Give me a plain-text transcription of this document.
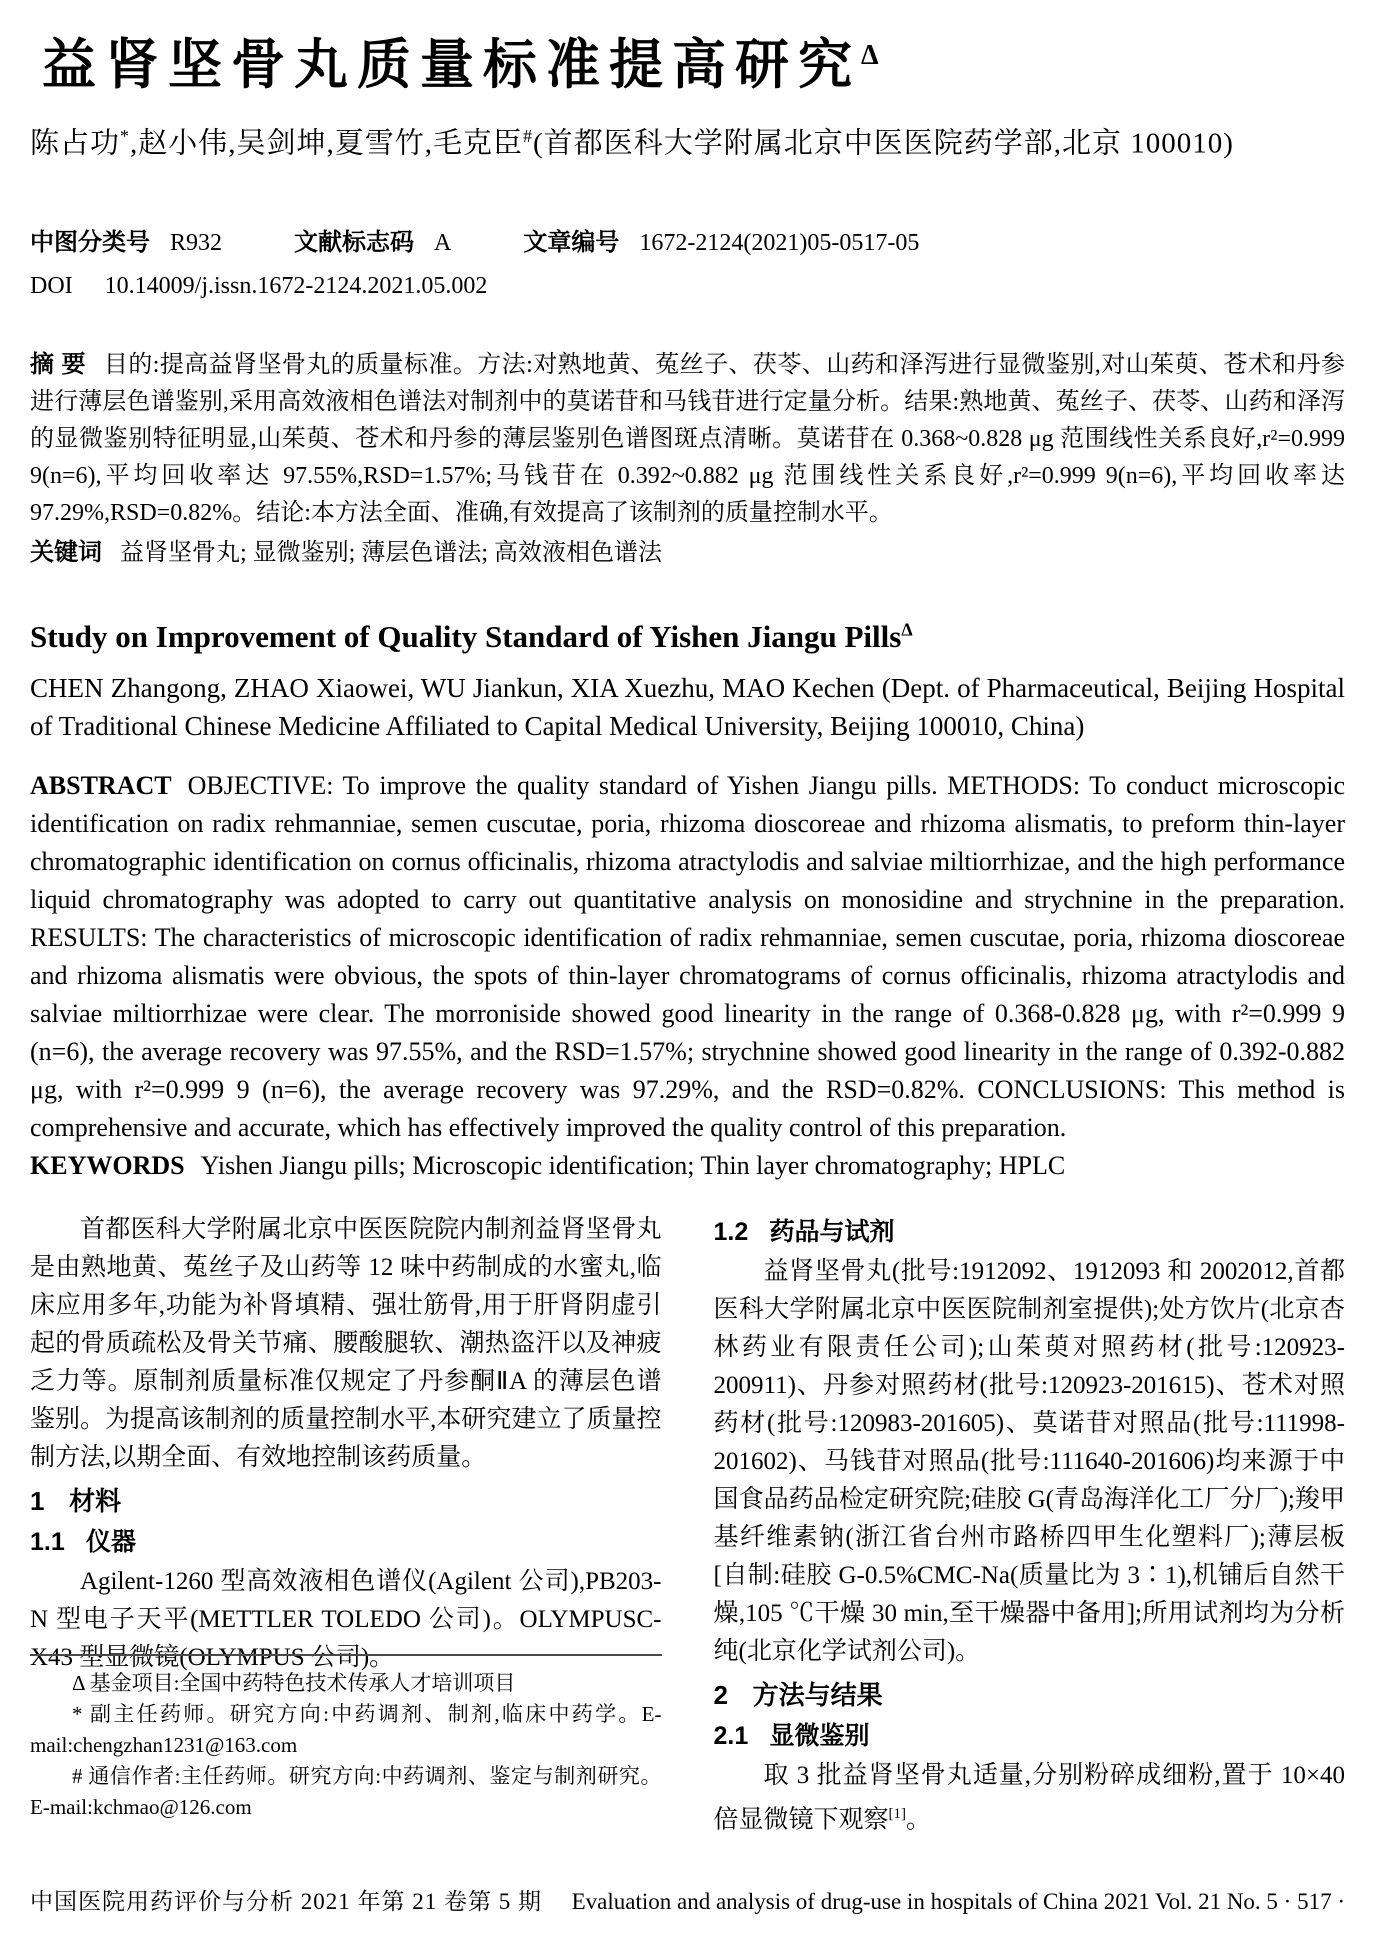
益肾坚骨丸质量标准提高研究$^\Delta$

陈占功*,赵小伟,吴剑坤,夏雪竹,毛克臣#(首都医科大学附属北京中医医院药学部,北京 100010)

中图分类号 R932	文献标志码 A	文章编号 1672-2124(2021)05-0517-05
DOI 10.14009/j.issn.1672-2124.2021.05.002

摘 要 目的:提高益肾坚骨丸的质量标准。方法:对熟地黄、菟丝子、茯苓、山药和泽泻进行显微鉴别,对山茱萸、苍术和丹参进行薄层色谱鉴别,采用高效液相色谱法对制剂中的莫诺苷和马钱苷进行定量分析。结果:熟地黄、菟丝子、茯苓、山药和泽泻的显微鉴别特征明显,山茱萸、苍术和丹参的薄层鉴别色谱图斑点清晰。莫诺苷在 0.368~0.828 μg 范围线性关系良好,r²=0.999 9(n=6),平均回收率达 97.55%,RSD=1.57%;马钱苷在 0.392~0.882 μg 范围线性关系良好,r²=0.999 9(n=6),平均回收率达 97.29%,RSD=0.82%。结论:本方法全面、准确,有效提高了该制剂的质量控制水平。

关键词 益肾坚骨丸; 显微鉴别; 薄层色谱法; 高效液相色谱法

Study on Improvement of Quality Standard of Yishen Jiangu Pills$^\Delta$

CHEN Zhangong, ZHAO Xiaowei, WU Jiankun, XIA Xuezhu, MAO Kechen (Dept. of Pharmaceutical, Beijing Hospital of Traditional Chinese Medicine Affiliated to Capital Medical University, Beijing 100010, China)

ABSTRACT OBJECTIVE: To improve the quality standard of Yishen Jiangu pills. METHODS: To conduct microscopic identification on radix rehmanniae, semen cuscutae, poria, rhizoma dioscoreae and rhizoma alismatis, to preform thin-layer chromatographic identification on cornus officinalis, rhizoma atractylodis and salviae miltiorrhizae, and the high performance liquid chromatography was adopted to carry out quantitative analysis on monosidine and strychnine in the preparation. RESULTS: The characteristics of microscopic identification of radix rehmanniae, semen cuscutae, poria, rhizoma dioscoreae and rhizoma alismatis were obvious, the spots of thin-layer chromatograms of cornus officinalis, rhizoma atractylodis and salviae miltiorrhizae were clear. The morroniside showed good linearity in the range of 0.368-0.828 μg, with r²=0.999 9 (n=6), the average recovery was 97.55%, and the RSD=1.57%; strychnine showed good linearity in the range of 0.392-0.882 μg, with r²=0.999 9 (n=6), the average recovery was 97.29%, and the RSD=0.82%. CONCLUSIONS: This method is comprehensive and accurate, which has effectively improved the quality control of this preparation.

KEYWORDS Yishen Jiangu pills; Microscopic identification; Thin layer chromatography; HPLC

首都医科大学附属北京中医医院院内制剂益肾坚骨丸是由熟地黄、菟丝子及山药等 12 味中药制成的水蜜丸,临床应用多年,功能为补肾填精、强壮筋骨,用于肝肾阴虚引起的骨质疏松及骨关节痛、腰酸腿软、潮热盗汗以及神疲乏力等。原制剂质量标准仅规定了丹参酮ⅡA 的薄层色谱鉴别。为提高该制剂的质量控制水平,本研究建立了质量控制方法,以期全面、有效地控制该药质量。

1 材料
1.1 仪器

Agilent-1260 型高效液相色谱仪(Agilent 公司),PB203-N 型电子天平(METTLER TOLEDO 公司)。OLYMPUSC-X43 型显微镜(OLYMPUS 公司)。

Δ 基金项目:全国中药特色技术传承人才培训项目

* 副主任药师。研究方向:中药调剂、制剂,临床中药学。E-mail:chengzhan1231@163.com

# 通信作者:主任药师。研究方向:中药调剂、鉴定与制剂研究。E-mail:kchmao@126.com

1.2 药品与试剂

益肾坚骨丸(批号:1912092、1912093 和 2002012,首都医科大学附属北京中医医院制剂室提供);处方饮片(北京杏林药业有限责任公司);山茱萸对照药材(批号:120923-200911)、丹参对照药材(批号:120923-201615)、苍术对照药材(批号:120983-201605)、莫诺苷对照品(批号:111998-201602)、马钱苷对照品(批号:111640-201606)均来源于中国食品药品检定研究院;硅胶 G(青岛海洋化工厂分厂);羧甲基纤维素钠(浙江省台州市路桥四甲生化塑料厂);薄层板[自制:硅胶 G-0.5%CMC-Na(质量比为 3∶1),机铺后自然干燥,105 ℃干燥 30 min,至干燥器中备用];所用试剂均为分析纯(北京化学试剂公司)。

2 方法与结果
2.1 显微鉴别

取 3 批益肾坚骨丸适量,分别粉碎成细粉,置于 10×40 倍显微镜下观察[1]。

中国医院用药评价与分析 2021 年第 21 卷第 5 期 Evaluation and analysis of drug-use in hospitals of China 2021 Vol. 21 No. 5 · 517 ·
